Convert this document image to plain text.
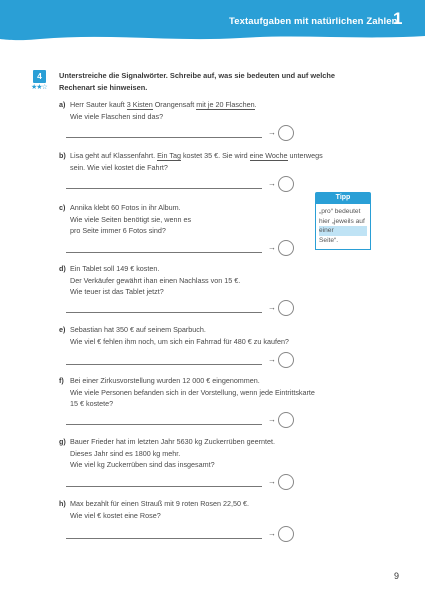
Textaufgaben mit natürlichen Zahlen
1
4
★★☆
Unterstreiche die Signalwörter. Schreibe auf, was sie bedeuten und auf welche
Rechenart sie hinweisen.
a) Herr Sauter kauft 3 Kisten Orangensaft mit je 20 Flaschen.
Wie viele Flaschen sind das?
→
b) Lisa geht auf Klassenfahrt. Ein Tag kostet 35 €. Sie wird eine Woche unterwegs
sein. Wie viel kostet die Fahrt?
→
c) Annika klebt 60 Fotos in ihr Album.
Wie viele Seiten benötigt sie, wenn es
pro Seite immer 6 Fotos sind?
→
Tipp
„pro“ bedeutet
hier „jeweils auf
einer
Seite“.
d) Ein Tablet soll 149 € kosten.
Der Verkäufer gewährt ihan einen Nachlass von 15 €.
Wie teuer ist das Tablet jetzt?
→
e) Sebastian hat 350 € auf seinem Sparbuch.
Wie viel € fehlen ihm noch, um sich ein Fahrrad für 480 € zu kaufen?
→
f) Bei einer Zirkusvorstellung wurden 12 000 € eingenommen.
Wie viele Personen befanden sich in der Vorstellung, wenn jede Eintrittskarte
15 € kostete?
→
g) Bauer Frieder hat im letzten Jahr 5630 kg Zuckerrüben geerntet.
Dieses Jahr sind es 1800 kg mehr.
Wie viel kg Zuckerrüben sind das insgesamt?
→
h) Max bezahlt für einen Strauß mit 9 roten Rosen 22,50 €.
Wie viel € kostet eine Rose?
→
9
